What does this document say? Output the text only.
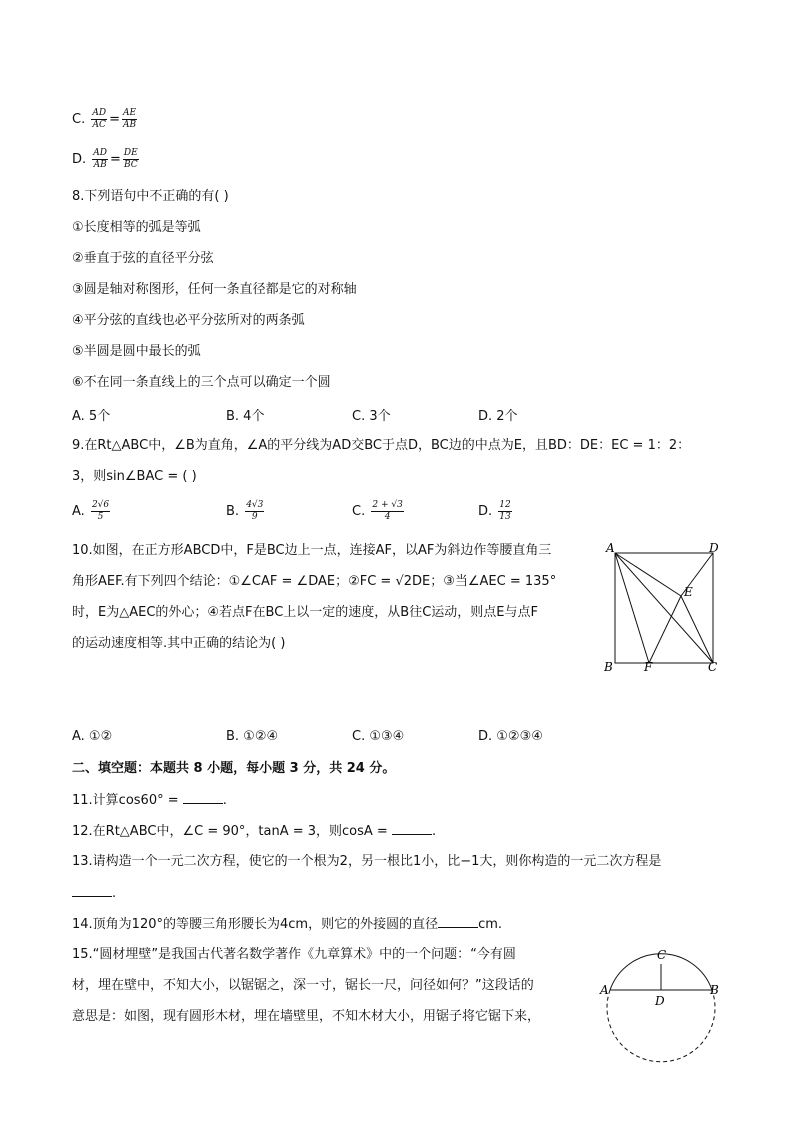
C. $\frac{AD}{AC} = \frac{AE}{AB}$
D. $\frac{AD}{AB} = \frac{DE}{BC}$
8.下列语句中不正确的有( )
①长度相等的弧是等弧
②垂直于弦的直径平分弦
③圆是轴对称图形，任何一条直径都是它的对称轴
④平分弦的直线也必平分弦所对的两条弧
⑤半圆是圆中最长的弧
⑥不在同一条直线上的三个点可以确定一个圆
A. 5个	B. 4个	C. 3个	D. 2个
9.在Rt△ABC中，∠B为直角，∠A的平分线为AD交BC于点D，BC边的中点为E，且BD：DE：EC = 1：2：
3，则sin∠BAC = ( )
A. $\frac{2√6}{5}$	B. $\frac{4√3}{9}$	C. $\frac{2 + √3}{4}$	D. $\frac{12}{13}$
10.如图，在正方形ABCD中，F是BC边上一点，连接AF，以AF为斜边作等腰直角三
角形AEF.有下列四个结论：①∠CAF = ∠DAE；②FC = √2DE；③当∠AEC = 135°
时，E为△AEC的外心；④若点F在BC上以一定的速度，从B往C运动，则点E与点F
的运动速度相等.其中正确的结论为( )
A	D
B	C
E
F
A. ①②	B. ①②④	C. ①③④	D. ①②③④
二、填空题：本题共 8 小题，每小题 3 分，共 24 分。
11.计算cos60° =	.
12.在Rt△ABC中，∠C = 90°，tanA = 3，则cosA =	.
13.请构造一个一元二次方程，使它的一个根为2，另一根比1小，比−1大，则你构造的一元二次方程是
.
14.顶角为120°的等腰三角形腰长为4cm，则它的外接圆的直径	cm.
15.“圆材埋壁”是我国古代著名数学著作《九章算术》中的一个问题：“今有圆
材，埋在壁中，不知大小，以锯锯之，深一寸，锯长一尺，问径如何？”这段话的
意思是：如图，现有圆形木材，埋在墙壁里，不知木材大小，用锯子将它锯下来，
A	B
C
D
